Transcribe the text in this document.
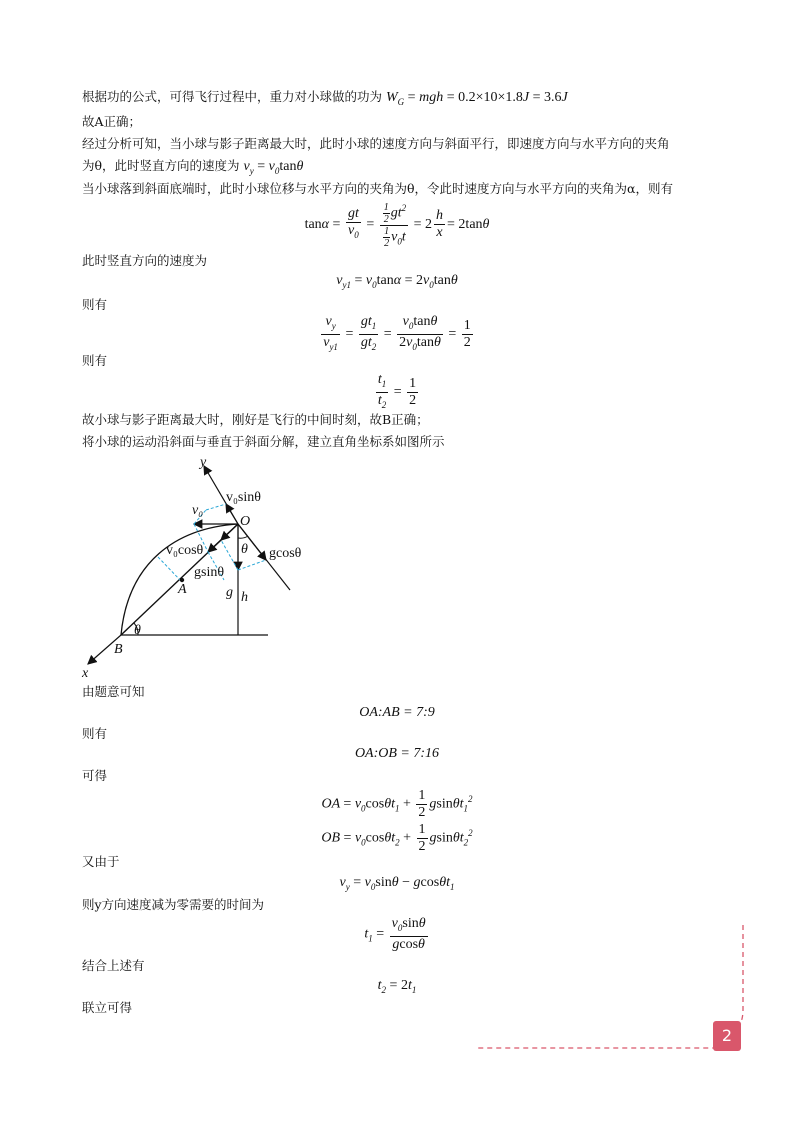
根据功的公式，可得飞行过程中，重力对小球做的功为 $W_G$ = mgh = 0.2×10×1.8J = 3.6J
故A正确；
经过分析可知，当小球与影子距离最大时，此时小球的速度方向与斜面平行，即速度方向与水平方向的夹角
为θ，此时竖直方向的速度为 $v_y = v_0\tan\theta$
当小球落到斜面底端时，此时小球位移与水平方向的夹角为θ，令此时速度方向与水平方向的夹角为α，则有
$\tan\alpha = \frac{gt}{v_0} = \frac{\frac{1}{2} gt^2}{\frac{1}{2} v_0t} = 2 \frac{h}{x} = 2\tan\theta$
此时竖直方向的速度为
$v_{y1} = v_0\tan\alpha = 2v_0\tan\theta$
则有
$\frac{v_y}{v_{y1}} = \frac{gt_1}{gt_2} = \frac{v_0\tan\theta}{2v_0\tan\theta} = \frac{1}{2}$
则有
$\frac{t_1}{t_2} = \frac{1}{2}$
故小球与影子距离最大时，刚好是飞行的中间时刻，故B正确；
将小球的运动沿斜面与垂直于斜面分解，建立直角坐标系如图所示
y
v₀
v₀sinθ
O
v₀cosθ	θ gcosθ
gsinθ
A	g h
θ
B
x
由题意可知
OA:AB = 7:9
则有
OA:OB = 7:16
可得
OA = $v_0\cos\theta t_1 + \frac{1}{2} gsin\theta t_1^2$
OB = $v_0\cos\theta t_2 + \frac{1}{2} gsin\theta t_2^2$
又由于
$v_y = v_0\sin\theta - gcos\theta t_1$
则y方向速度减为零需要的时间为
$t_1 = \frac{v_0\sin\theta}{gcos\theta}$
结合上述有
$t_2 = 2t_1$
联立可得
2
